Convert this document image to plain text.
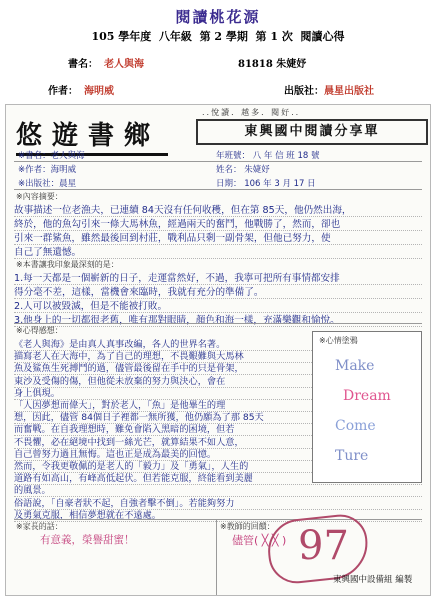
閱讀桃花源
105 學年度  八年級  第 2 學期  第 1 次  閱讀心得
書名： 老人與海	81818 朱婕妤
作者： 海明威	出版社：晨星出版社
..悅讀．越多．閱好..
悠遊書鄉	東興國中閱讀分享單
※書名：老人與海
※作者：海明威
※出版社：晨星
年班號： 八 年 信 班 18 號
姓名： 朱婕妤
日期： 106 年 3 月 17 日
※內容摘要：
故事描述一位老漁夫，已連續 84天沒有任何收穫，但在第 85天，他仍然出海，
終於，他的魚勾引來一條大馬林魚，經過兩天的奮鬥，他戰勝了，然而，卻也
引來一群鯊魚，雖然最後回到村莊，戰利品只剩一副骨架，但他已努力，使
自己了無遺憾。
※本書讓我印象最深刻的是：
1.每一天都是一個嶄新的日子，走運當然好，不過，我寧可把所有事情都安排
得分毫不差，這樣，當機會來臨時，我就有充分的準備了。
2.人可以被毀滅，但是不能被打敗。
3.他身上的一切都很老舊，唯有那對眼睛，顏色和海一樣，充滿樂觀和愉悅。
※心得感想：
《老人與海》是由真人真事改編，各人的世界名著。
描寫老人在大海中，為了自己的理想，不畏艱難與大馬林
魚及鯊魚生死搏鬥的過，儘管最後留在手中的只是骨架，
東沙及受傷的傷，但他從未放棄的努力與決心，會在
身上俱現。
「人因夢想而偉大」，對於老人，「魚」是他畢生的理
想，因此，儘管 84個日子裡都一無所獲，他仍願為了那 85天
而奮戰。在自我理想時，難免會陷入黑暗的困境，但若
不畏懼，必在絕境中找到一絲光芒，就算結果不如人意，
自己曾努力過且無悔。這也正是成為最美的回憶。
然而，令我更敬佩的是老人的「毅力」及「勇氣」，人生的
道路有如高山，有峰高低起伏。但若能克服，終能看到美麗
的風景。
俗語說，「自豪者狀不起，自強者擊不倒」。若能夠努力
及勇氣克服，相信夢想就在不遠處。
※心情塗鴉
Make
Dream
Come
Ture
※家長的話：
有意義，榮譽甜蜜！
※教師的回饋：
儘管( ╳ ╳ ) 97
東興國中設備組 編製
